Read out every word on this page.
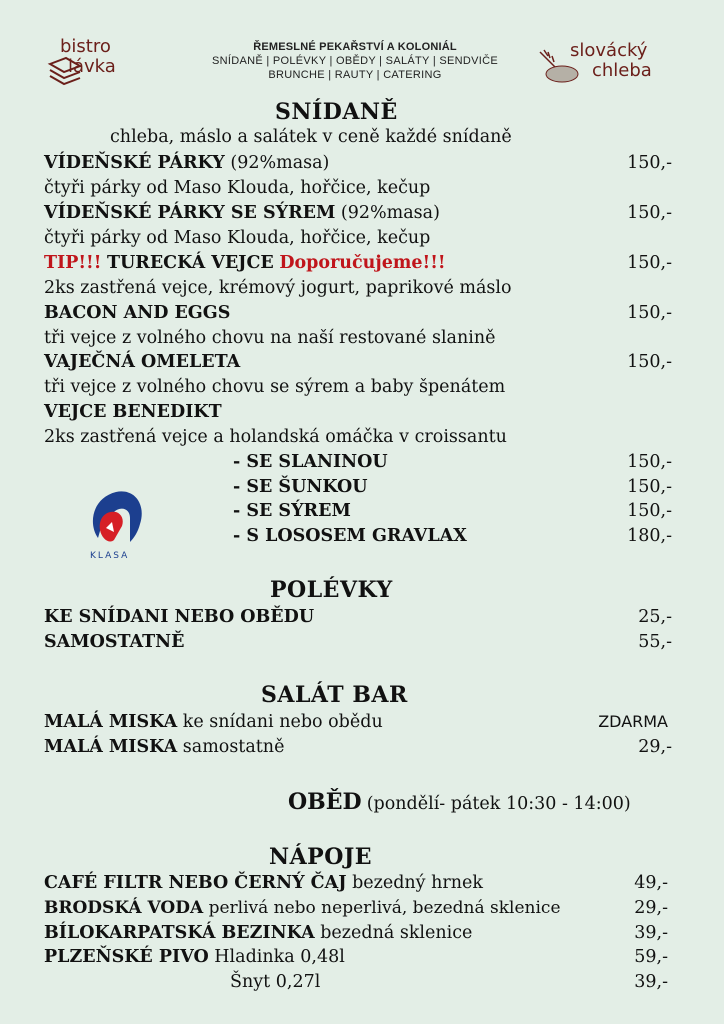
bistro
lávka
ŘEMESLNÉ PEKAŘSTVÍ A KOLONIÁL
SNÍDANĚ | POLÉVKY | OBĚDY | SALÁTY | SENDVIČE
BRUNCHE | RAUTY | CATERING
slovácký
chleba
SNÍDANĚ
chleba, máslo a salátek v ceně každé snídaně
VÍDEŇSKÉ PÁRKY (92%masa)	150,-
čtyři párky od Maso Klouda, hořčice, kečup
VÍDEŇSKÉ PÁRKY SE SÝREM (92%masa)	150,-
čtyři párky od Maso Klouda, hořčice, kečup
TIP!!! TURECKÁ VEJCE Doporučujeme!!!	150,-
2ks zastřená vejce, krémový jogurt, paprikové máslo
BACON AND EGGS	150,-
tři vejce z volného chovu na naší restované slanině
VAJEČNÁ OMELETA	150,-
tři vejce z volného chovu se sýrem a baby špenátem
VEJCE BENEDIKT
2ks zastřená vejce a holandská omáčka v croissantu
- SE SLANINOU	150,-
- SE ŠUNKOU	150,-
- SE SÝREM	150,-
- S LOSOSEM GRAVLAX	180,-
KLASA
POLÉVKY
KE SNÍDANI NEBO OBĚDU	25,-
SAMOSTATNĚ	55,-
SALÁT BAR
MALÁ MISKA ke snídani nebo obědu	ZDARMA
MALÁ MISKA samostatně	29,-
OBĚD (pondělí- pátek 10:30 - 14:00)
NÁPOJE
CAFÉ FILTR NEBO ČERNÝ ČAJ bezedný hrnek	49,-
BRODSKÁ VODA perlivá nebo neperlivá, bezedná sklenice	29,-
BÍLOKARPATSKÁ BEZINKA bezedná sklenice	39,-
PLZEŇSKÉ PIVO Hladinka 0,48l	59,-
Šnyt 0,27l	39,-
